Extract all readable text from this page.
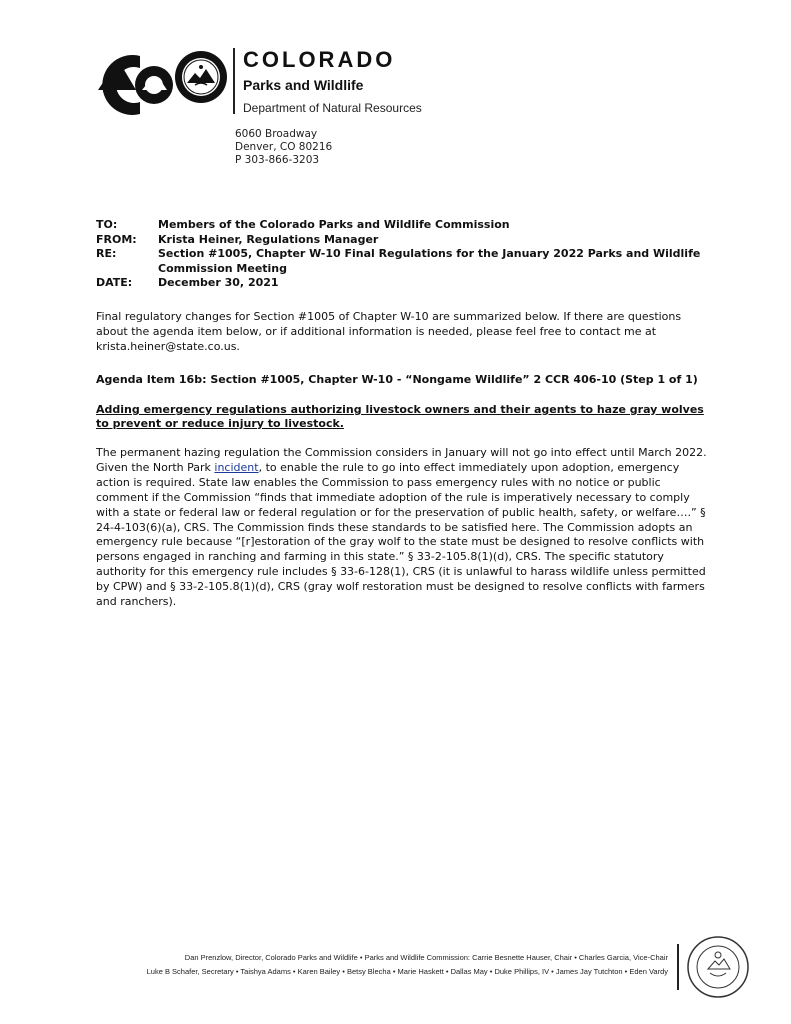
COLORADO
Parks and Wildlife
Department of Natural Resources
6060 Broadway
Denver, CO 80216
P 303-866-3203
TO:	Members of the Colorado Parks and Wildlife Commission
FROM:	Krista Heiner, Regulations Manager
RE:	Section #1005, Chapter W-10 Final Regulations for the January 2022 Parks and Wildlife Commission Meeting
DATE:	December 30, 2021
Final regulatory changes for Section #1005 of Chapter W-10 are summarized below. If there are questions about the agenda item below, or if additional information is needed, please feel free to contact me at krista.heiner@state.co.us.
Agenda Item 16b: Section #1005, Chapter W-10 - “Nongame Wildlife” 2 CCR 406-10 (Step 1 of 1)
Adding emergency regulations authorizing livestock owners and their agents to haze gray wolves to prevent or reduce injury to livestock.
The permanent hazing regulation the Commission considers in January will not go into effect until March 2022. Given the North Park incident, to enable the rule to go into effect immediately upon adoption, emergency action is required. State law enables the Commission to pass emergency rules with no notice or public comment if the Commission “finds that immediate adoption of the rule is imperatively necessary to comply with a state or federal law or federal regulation or for the preservation of public health, safety, or welfare….” § 24-4-103(6)(a), CRS. The Commission finds these standards to be satisfied here. The Commission adopts an emergency rule because “[r]estoration of the gray wolf to the state must be designed to resolve conflicts with persons engaged in ranching and farming in this state.” § 33-2-105.8(1)(d), CRS. The specific statutory authority for this emergency rule includes § 33-6-128(1), CRS (it is unlawful to harass wildlife unless permitted by CPW) and § 33-2-105.8(1)(d), CRS (gray wolf restoration must be designed to resolve conflicts with farmers and ranchers).
Dan Prenzlow, Director, Colorado Parks and Wildlife • Parks and Wildlife Commission: Carrie Besnette Hauser, Chair • Charles Garcia, Vice-Chair
Luke B Schafer, Secretary • Taishya Adams • Karen Bailey • Betsy Blecha • Marie Haskett • Dallas May • Duke Phillips, IV • James Jay Tutchton • Eden Vardy
